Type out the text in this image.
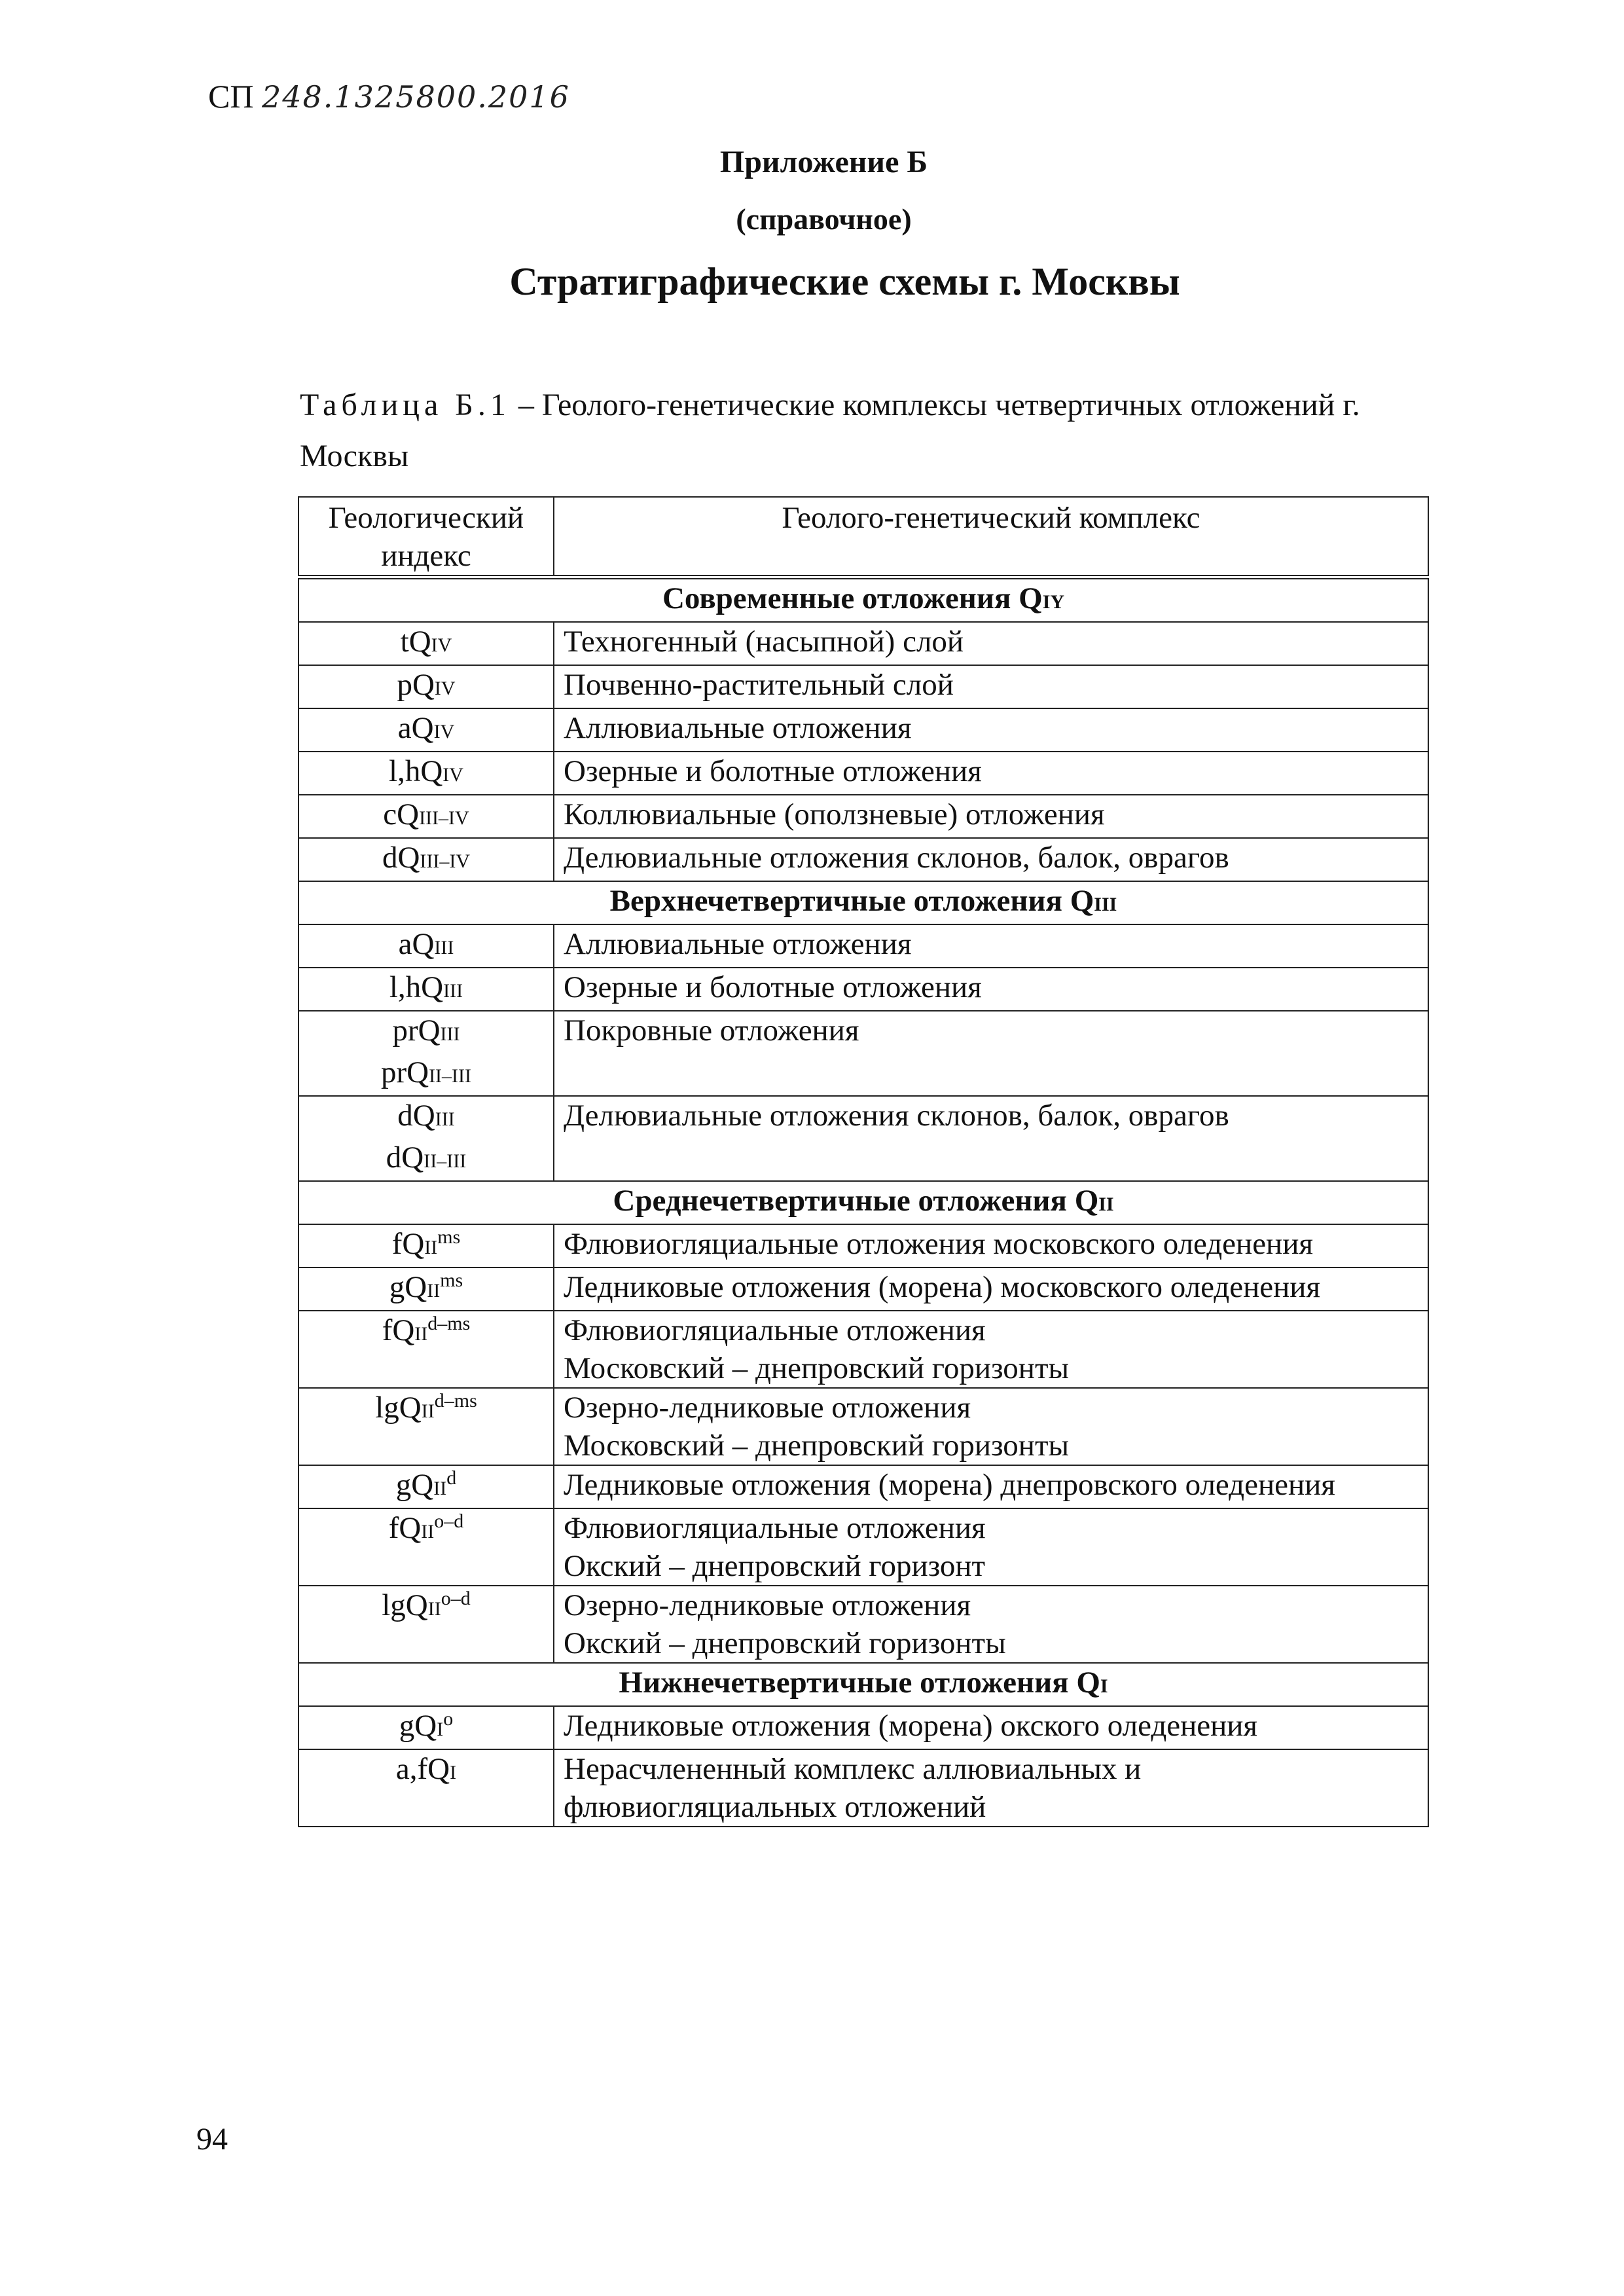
СП 248.1325800.2016
Приложение Б
(справочное)
Стратиграфические схемы г. Москвы
Таблица Б.1 – Геолого-генетические комплексы четвертичных отложений г. Москвы
Геологический индекс	Геолого-генетический комплекс
Современные отложения QIY	

tQIV	Техногенный (насыпной) слой

pQIV	Почвенно-растительный слой

aQIV	Аллювиальные отложения

l,hQIV	Озерные и болотные отложения

cQIII–IV	Коллювиальные (оползневые) отложения

dQIII–IV	Делювиальные отложения склонов, балок, оврагов

Верхнечетвертичные отложения QIII	

aQIII	Аллювиальные отложения

l,hQIII	Озерные и болотные отложения

prQIII
prQII–III	Покровные отложения

dQIII
dQII–III	Делювиальные отложения склонов, балок, оврагов

Среднечетвертичные отложения QII	

fQII$^{ms}$	Флювиогляциальные отложения московского оледенения

gQII$^{ms}$	Ледниковые отложения (морена) московского оледенения

fQII$^{d-ms}$	Флювиогляциальные отложения
Московский – днепровский горизонты

lgQII$^{d-ms}$	Озерно-ледниковые отложения
Московский – днепровский горизонты

gQII$^d$	Ледниковые отложения (морена) днепровского оледенения

fQII$^{o-d}$	Флювиогляциальные отложения
Окский – днепровский горизонт

lgQII$^{o-d}$	Озерно-ледниковые отложения
Окский – днепровский горизонты

Нижнечетвертичные отложения QI	

gQI$^o$	Ледниковые отложения (морена) окского оледенения

a,fQI	Нерасчлененный комплекс аллювиальных и
флювиогляциальных отложений
94
